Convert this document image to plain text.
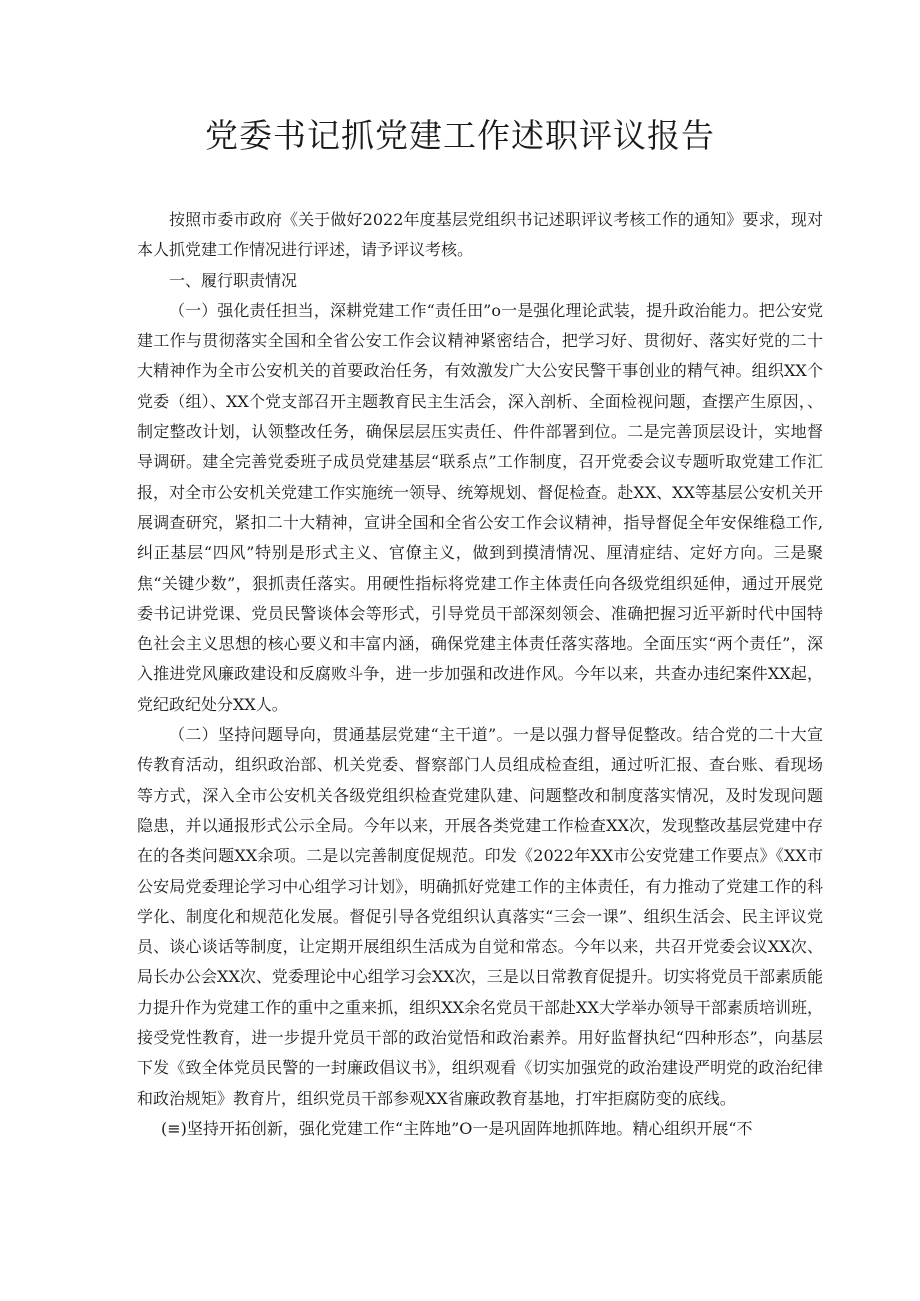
党委书记抓党建工作述职评议报告

按照市委市政府《关于做好2022年度基层党组织书记述职评议考核工作的通知》要求，现对本人抓党建工作情况进行评述，请予评议考核。

一、履行职责情况

（一）强化责任担当，深耕党建工作“责任田”o一是强化理论武装，提升政治能力。把公安党建工作与贯彻落实全国和全省公安工作会议精神紧密结合，把学习好、贯彻好、落实好党的二十大精神作为全市公安机关的首要政治任务，有效激发广大公安民警干事创业的精气神。组织XX个党委（组）、XX个党支部召开主题教育民主生活会，深入剖析、全面检视问题，查摆产生原因，、制定整改计划，认领整改任务，确保层层压实责任、件件部署到位。二是完善顶层设计，实地督导调研。建全完善党委班子成员党建基层“联系点”工作制度，召开党委会议专题听取党建工作汇报，对全市公安机关党建工作实施统一领导、统筹规划、督促检查。赴XX、XX等基层公安机关开展调查研究，紧扣二十大精神，宣讲全国和全省公安工作会议精神，指导督促全年安保维稳工作,纠正基层“四风”特别是形式主义、官僚主义，做到到摸清情况、厘清症结、定好方向。三是聚焦“关键少数”，狠抓责任落实。用硬性指标将党建工作主体责任向各级党组织延伸，通过开展党委书记讲党课、党员民警谈体会等形式，引导党员干部深刻领会、准确把握习近平新时代中国特色社会主义思想的核心要义和丰富内涵，确保党建主体责任落实落地。全面压实“两个责任”，深入推进党风廉政建设和反腐败斗争，进一步加强和改进作风。今年以来，共查办违纪案件XX起，党纪政纪处分XX人。

（二）坚持问题导向，贯通基层党建“主干道”。一是以强力督导促整改。结合党的二十大宣传教育活动，组织政治部、机关党委、督察部门人员组成检查组，通过听汇报、查台账、看现场等方式，深入全市公安机关各级党组织检查党建队建、问题整改和制度落实情况，及时发现问题隐患，并以通报形式公示全局。今年以来，开展各类党建工作检查XX次，发现整改基层党建中存在的各类问题XX余项。二是以完善制度促规范。印发《2022年XX市公安党建工作要点》《XX市公安局党委理论学习中心组学习计划》，明确抓好党建工作的主体责任，有力推动了党建工作的科学化、制度化和规范化发展。督促引导各党组织认真落实“三会一课”、组织生活会、民主评议党员、谈心谈话等制度，让定期开展组织生活成为自觉和常态。今年以来，共召开党委会议XX次、局长办公会XX次、党委理论中心组学习会XX次，三是以日常教育促提升。切实将党员干部素质能力提升作为党建工作的重中之重来抓，组织XX余名党员干部赴XX大学举办领导干部素质培训班，接受党性教育，进一步提升党员干部的政治觉悟和政治素养。用好监督执纪“四种形态”，向基层下发《致全体党员民警的一封廉政倡议书》，组织观看《切实加强党的政治建设严明党的政治纪律和政治规矩》教育片，组织党员干部参观XX省廉政教育基地，打牢拒腐防变的底线。

(≡)坚持开拓创新，强化党建工作“主阵地”O一是巩固阵地抓阵地。精心组织开展“不
